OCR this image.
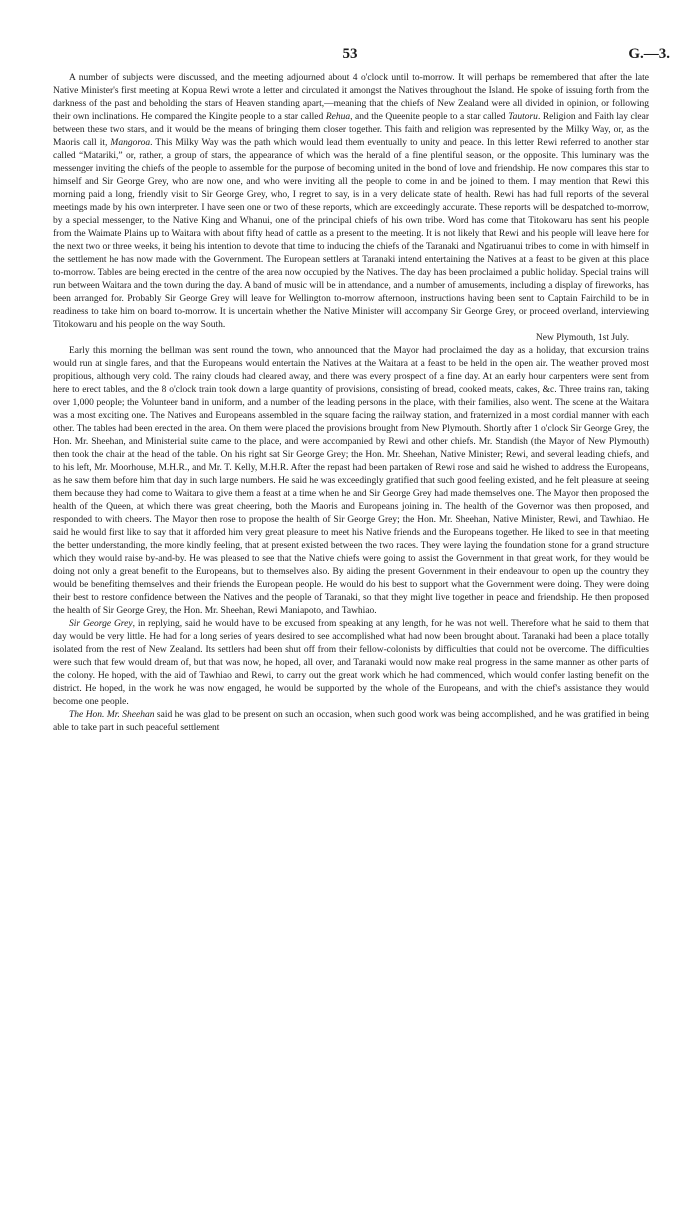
53	G.—3.

A number of subjects were discussed, and the meeting adjourned about 4 o'clock until to-morrow. It will perhaps be remembered that after the late Native Minister's first meeting at Kopua Rewi wrote a letter and circulated it amongst the Natives throughout the Island. He spoke of issuing forth from the darkness of the past and beholding the stars of Heaven standing apart,—meaning that the chiefs of New Zealand were all divided in opinion, or following their own inclinations. He compared the Kingite people to a star called Rehua, and the Queenite people to a star called Tautoru. Religion and Faith lay clear between these two stars, and it would be the means of bringing them closer together. This faith and religion was represented by the Milky Way, or, as the Maoris call it, Mangoroa. This Milky Way was the path which would lead them eventually to unity and peace. In this letter Rewi referred to another star called “Matariki,” or, rather, a group of stars, the appearance of which was the herald of a fine plentiful season, or the opposite. This luminary was the messenger inviting the chiefs of the people to assemble for the purpose of becoming united in the bond of love and friendship. He now compares this star to himself and Sir George Grey, who are now one, and who were inviting all the people to come in and be joined to them. I may mention that Rewi this morning paid a long, friendly visit to Sir George Grey, who, I regret to say, is in a very delicate state of health. Rewi has had full reports of the several meetings made by his own interpreter. I have seen one or two of these reports, which are exceedingly accurate. These reports will be despatched to-morrow, by a special messenger, to the Native King and Whanui, one of the principal chiefs of his own tribe. Word has come that Titokowaru has sent his people from the Waimate Plains up to Waitara with about fifty head of cattle as a present to the meeting. It is not likely that Rewi and his people will leave here for the next two or three weeks, it being his intention to devote that time to inducing the chiefs of the Taranaki and Ngatiruanui tribes to come in with himself in the settlement he has now made with the Government. The European settlers at Taranaki intend entertaining the Natives at a feast to be given at this place to-morrow. Tables are being erected in the centre of the area now occupied by the Natives. The day has been proclaimed a public holiday. Special trains will run between Waitara and the town during the day. A band of music will be in attendance, and a number of amusements, including a display of fireworks, has been arranged for. Probably Sir George Grey will leave for Wellington to-morrow afternoon, instructions having been sent to Captain Fairchild to be in readiness to take him on board to-morrow. It is uncertain whether the Native Minister will accompany Sir George Grey, or proceed overland, interviewing Titokowaru and his people on the way South.
New Plymouth, 1st July.

Early this morning the bellman was sent round the town, who announced that the Mayor had proclaimed the day as a holiday, that excursion trains would run at single fares, and that the Europeans would entertain the Natives at the Waitara at a feast to be held in the open air. The weather proved most propitious, although very cold. The rainy clouds had cleared away, and there was every prospect of a fine day. At an early hour carpenters were sent from here to erect tables, and the 8 o'clock train took down a large quantity of provisions, consisting of bread, cooked meats, cakes, &c. Three trains ran, taking over 1,000 people; the Volunteer band in uniform, and a number of the leading persons in the place, with their families, also went. The scene at the Waitara was a most exciting one. The Natives and Europeans assembled in the square facing the railway station, and fraternized in a most cordial manner with each other. The tables had been erected in the area. On them were placed the provisions brought from New Plymouth. Shortly after 1 o'clock Sir George Grey, the Hon. Mr. Sheehan, and Ministerial suite came to the place, and were accompanied by Rewi and other chiefs. Mr. Standish (the Mayor of New Plymouth) then took the chair at the head of the table. On his right sat Sir George Grey; the Hon. Mr. Sheehan, Native Minister; Rewi, and several leading chiefs, and to his left, Mr. Moorhouse, M.H.R., and Mr. T. Kelly, M.H.R. After the repast had been partaken of Rewi rose and said he wished to address the Europeans, as he saw them before him that day in such large numbers. He said he was exceedingly gratified that such good feeling existed, and he felt pleasure at seeing them because they had come to Waitara to give them a feast at a time when he and Sir George Grey had made themselves one. The Mayor then proposed the health of the Queen, at which there was great cheering, both the Maoris and Europeans joining in. The health of the Governor was then proposed, and responded to with cheers. The Mayor then rose to propose the health of Sir George Grey; the Hon. Mr. Sheehan, Native Minister, Rewi, and Tawhiao. He said he would first like to say that it afforded him very great pleasure to meet his Native friends and the Europeans together. He liked to see in that meeting the better understanding, the more kindly feeling, that at present existed between the two races. They were laying the foundation stone for a grand structure which they would raise by-and-by. He was pleased to see that the Native chiefs were going to assist the Government in that great work, for they would be doing not only a great benefit to the Europeans, but to themselves also. By aiding the present Government in their endeavour to open up the country they would be benefiting themselves and their friends the European people. He would do his best to support what the Government were doing. They were doing their best to restore confidence between the Natives and the people of Taranaki, so that they might live together in peace and friendship. He then proposed the health of Sir George Grey, the Hon. Mr. Sheehan, Rewi Maniapoto, and Tawhiao.

Sir George Grey, in replying, said he would have to be excused from speaking at any length, for he was not well. Therefore what he said to them that day would be very little. He had for a long series of years desired to see accomplished what had now been brought about. Taranaki had been a place totally isolated from the rest of New Zealand. Its settlers had been shut off from their fellow-colonists by difficulties that could not be overcome. The difficulties were such that few would dream of, but that was now, he hoped, all over, and Taranaki would now make real progress in the same manner as other parts of the colony. He hoped, with the aid of Tawhiao and Rewi, to carry out the great work which he had commenced, which would confer lasting benefit on the district. He hoped, in the work he was now engaged, he would be supported by the whole of the Europeans, and with the chief's assistance they would become one people.

The Hon. Mr. Sheehan said he was glad to be present on such an occasion, when such good work was being accomplished, and he was gratified in being able to take part in such peaceful settlement
